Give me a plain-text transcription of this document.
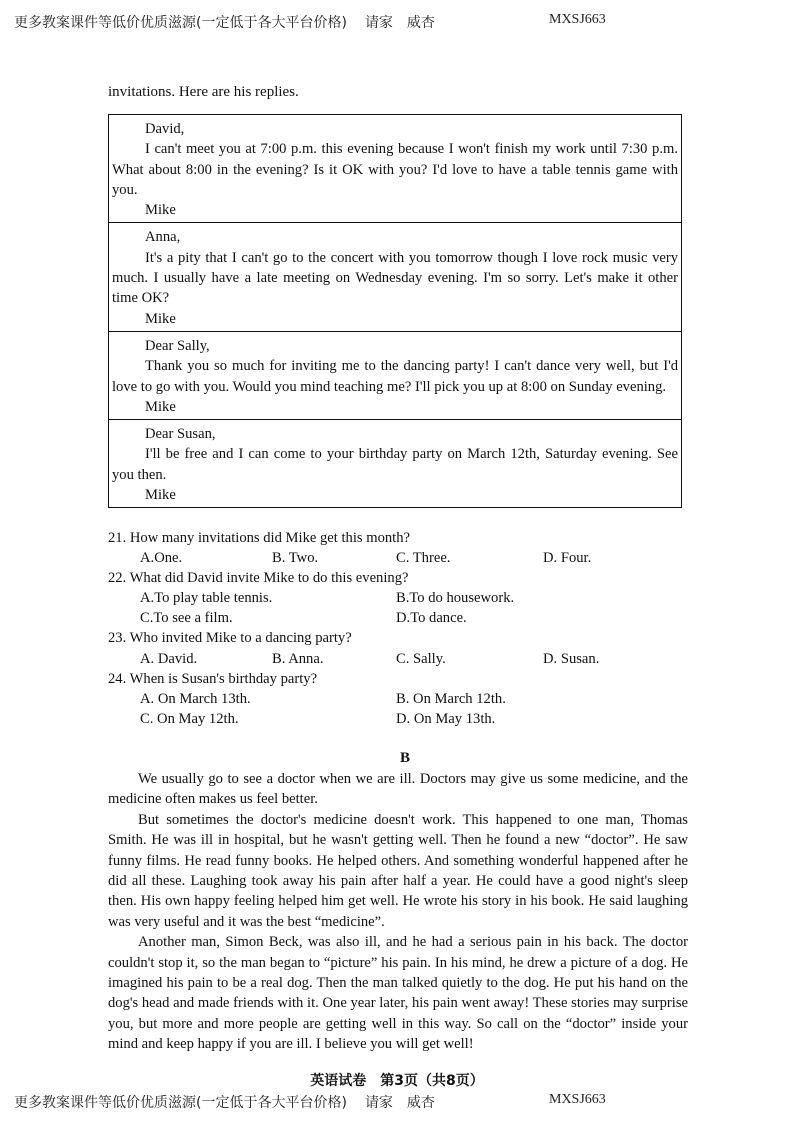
更多教案课件等低价优质滋源(一定低于各大平台价格) 请家　威杏	MXSJ663
invitations. Here are his replies.

David,

I can't meet you at 7:00 p.m. this evening because I won't finish my work until 7:30 p.m. What about 8:00 in the evening? Is it OK with you? I'd love to have a table tennis game with you.

Mike

Anna,

It's a pity that I can't go to the concert with you tomorrow though I love rock music very much. I usually have a late meeting on Wednesday evening. I'm so sorry. Let's make it other time OK?

Mike

Dear Sally,

Thank you so much for inviting me to the dancing party! I can't dance very well, but I'd love to go with you. Would you mind teaching me? I'll pick you up at 8:00 on Sunday evening.

Mike

Dear Susan,

I'll be free and I can come to your birthday party on March 12th, Saturday evening. See you then.

Mike

21. How many invitations did Mike get this month?

A.One.	B. Two.	C. Three.	D. Four.

22. What did David invite Mike to do this evening?

A.To play table tennis.	B.To do housework.
C.To see a film.	D.To dance.

23. Who invited Mike to a dancing party?

A. David.	B. Anna.	C. Sally.	D. Susan.

24. When is Susan's birthday party?

A. On March 13th.	B. On March 12th.
C. On May 12th.	D. On May 13th.
B

We usually go to see a doctor when we are ill. Doctors may give us some medicine, and the medicine often makes us feel better.

But sometimes the doctor's medicine doesn't work. This happened to one man, Thomas Smith. He was ill in hospital, but he wasn't getting well. Then he found a new “doctor”. He saw funny films. He read funny books. He helped others. And something wonderful happened after he did all these. Laughing took away his pain after half a year. He could have a good night's sleep then. His own happy feeling helped him get well. He wrote his story in his book. He said laughing was very useful and it was the best “medicine”.

Another man, Simon Beck, was also ill, and he had a serious pain in his back. The doctor couldn't stop it, so the man began to “picture” his pain. In his mind, he drew a picture of a dog. He imagined his pain to be a real dog. Then the man talked quietly to the dog. He put his hand on the dog's head and made friends with it. One year later, his pain went away! These stories may surprise you, but more and more people are getting well in this way. So call on the “doctor” inside your mind and keep happy if you are ill. I believe you will get well!

英语试卷　第3页（共8页）
更多教案课件等低价优质滋源(一定低于各大平台价格) 请家　威杏	MXSJ663
